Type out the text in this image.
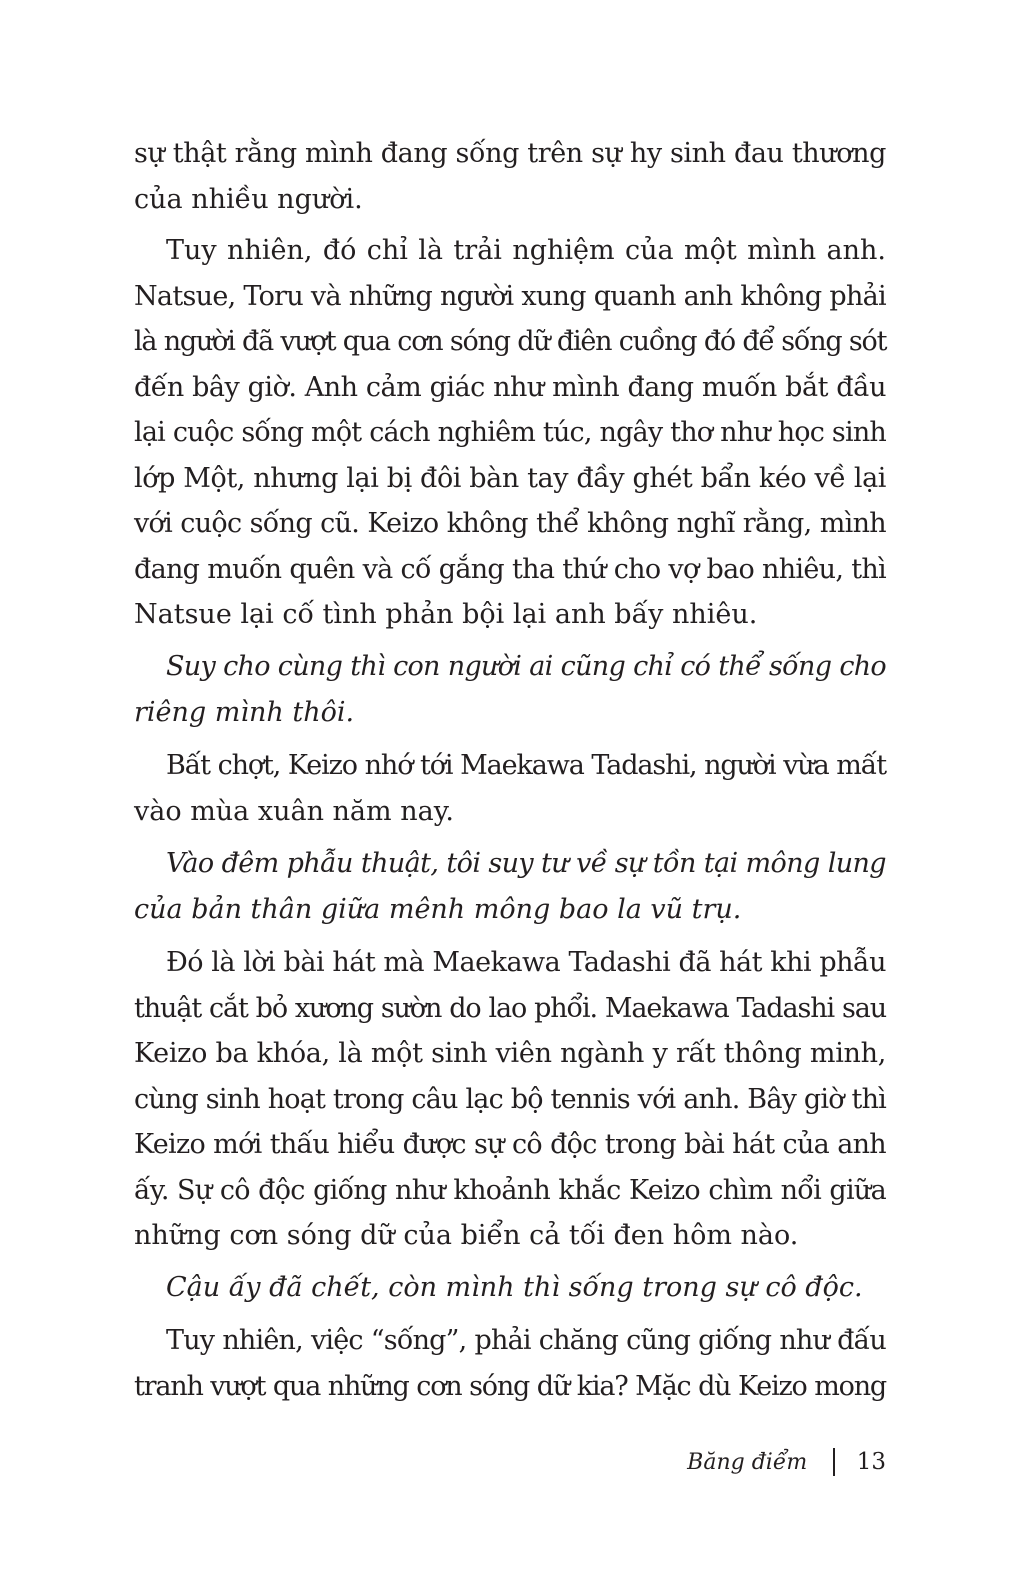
sự thật rằng mình đang sống trên sự hy sinh đau thương
của nhiều người.
Tuy nhiên, đó chỉ là trải nghiệm của một mình anh.
Natsue, Toru và những người xung quanh anh không phải
là người đã vượt qua cơn sóng dữ điên cuồng đó để sống sót
đến bây giờ. Anh cảm giác như mình đang muốn bắt đầu
lại cuộc sống một cách nghiêm túc, ngây thơ như học sinh
lớp Một, nhưng lại bị đôi bàn tay đầy ghét bẩn kéo về lại
với cuộc sống cũ. Keizo không thể không nghĩ rằng, mình
đang muốn quên và cố gắng tha thứ cho vợ bao nhiêu, thì
Natsue lại cố tình phản bội lại anh bấy nhiêu.
Suy cho cùng thì con người ai cũng chỉ có thể sống cho
riêng mình thôi.
Bất chợt, Keizo nhớ tới Maekawa Tadashi, người vừa mất
vào mùa xuân năm nay.
Vào đêm phẫu thuật, tôi suy tư về sự tồn tại mông lung
của bản thân giữa mênh mông bao la vũ trụ.
Đó là lời bài hát mà Maekawa Tadashi đã hát khi phẫu
thuật cắt bỏ xương sườn do lao phổi. Maekawa Tadashi sau
Keizo ba khóa, là một sinh viên ngành y rất thông minh,
cùng sinh hoạt trong câu lạc bộ tennis với anh. Bây giờ thì
Keizo mới thấu hiểu được sự cô độc trong bài hát của anh
ấy. Sự cô độc giống như khoảnh khắc Keizo chìm nổi giữa
những cơn sóng dữ của biển cả tối đen hôm nào.
Cậu ấy đã chết, còn mình thì sống trong sự cô độc.
Tuy nhiên, việc “sống”, phải chăng cũng giống như đấu
tranh vượt qua những cơn sóng dữ kia? Mặc dù Keizo mong
Băng điểm 13
